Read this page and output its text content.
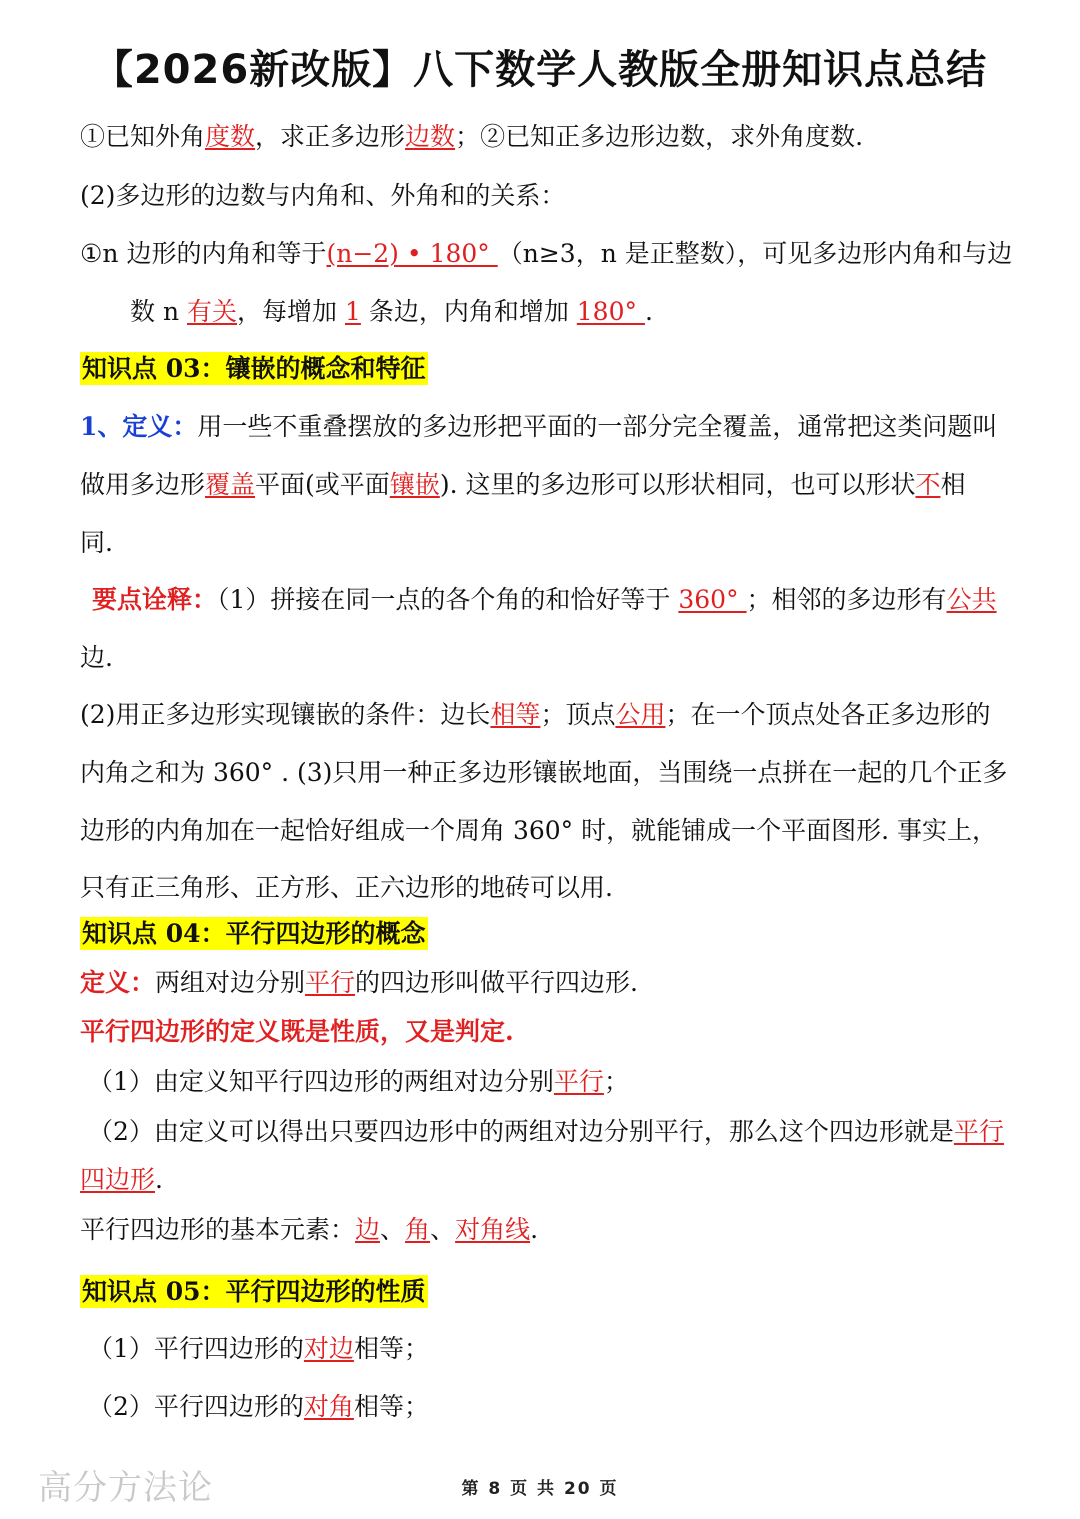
【2026新改版】八下数学人教版全册知识点总结
①已知外角度数，求正多边形边数；②已知正多边形边数，求外角度数.
(2)多边形的边数与内角和、外角和的关系：
①n 边形的内角和等于(n−2) • 180° （n≥3，n 是正整数），可见多边形内角和与边
数 n 有关，每增加 1 条边，内角和增加 180° .
知识点 03：镶嵌的概念和特征
1、定义：用一些不重叠摆放的多边形把平面的一部分完全覆盖，通常把这类问题叫
做用多边形覆盖平面(或平面镶嵌). 这里的多边形可以形状相同，也可以形状不相
同.
要点诠释：（1）拼接在同一点的各个角的和恰好等于 360° ；相邻的多边形有公共
边.
(2)用正多边形实现镶嵌的条件：边长相等；顶点公用；在一个顶点处各正多边形的
内角之和为 360° . (3)只用一种正多边形镶嵌地面，当围绕一点拼在一起的几个正多
边形的内角加在一起恰好组成一个周角 360° 时，就能铺成一个平面图形. 事实上，
只有正三角形、正方形、正六边形的地砖可以用.
知识点 04：平行四边形的概念
定义：两组对边分别平行的四边形叫做平行四边形.
平行四边形的定义既是性质，又是判定.
（1）由定义知平行四边形的两组对边分别平行；
（2）由定义可以得出只要四边形中的两组对边分别平行，那么这个四边形就是平行
四边形.
平行四边形的基本元素：边、角、对角线.
知识点 05：平行四边形的性质
（1）平行四边形的对边相等；
（2）平行四边形的对角相等；
高分方法论	第 8 页 共 20 页
